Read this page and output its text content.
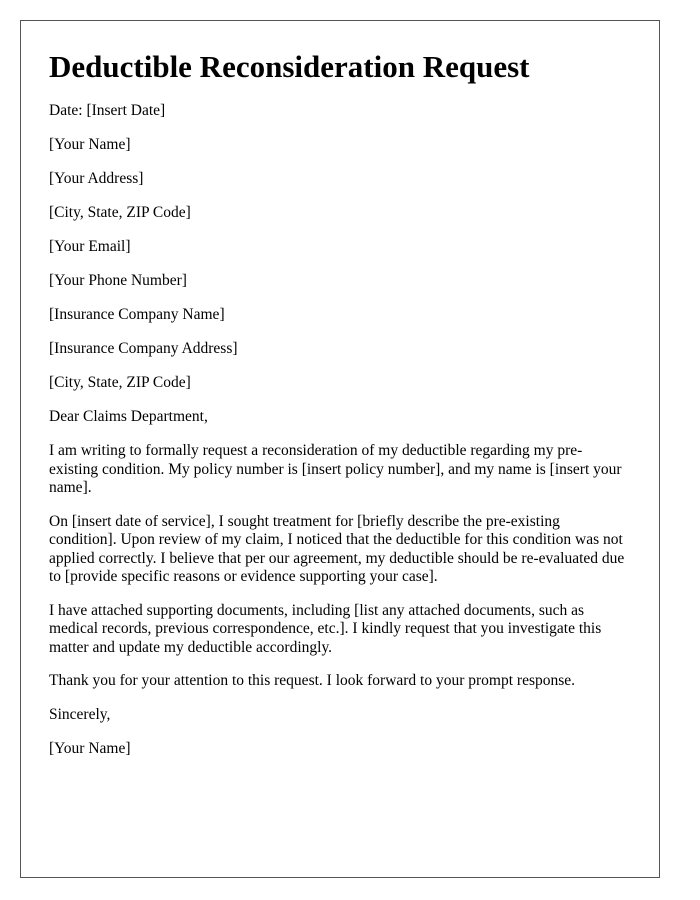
Deductible Reconsideration Request
Date: [Insert Date]
[Your Name]
[Your Address]
[City, State, ZIP Code]
[Your Email]
[Your Phone Number]
[Insurance Company Name]
[Insurance Company Address]
[City, State, ZIP Code]
Dear Claims Department,

I am writing to formally request a reconsideration of my deductible regarding my pre-existing condition. My policy number is [insert policy number], and my name is [insert your name].

On [insert date of service], I sought treatment for [briefly describe the pre-existing condition]. Upon review of my claim, I noticed that the deductible for this condition was not applied correctly. I believe that per our agreement, my deductible should be re-evaluated due to [provide specific reasons or evidence supporting your case].

I have attached supporting documents, including [list any attached documents, such as medical records, previous correspondence, etc.]. I kindly request that you investigate this matter and update my deductible accordingly.

Thank you for your attention to this request. I look forward to your prompt response.

Sincerely,
[Your Name]
